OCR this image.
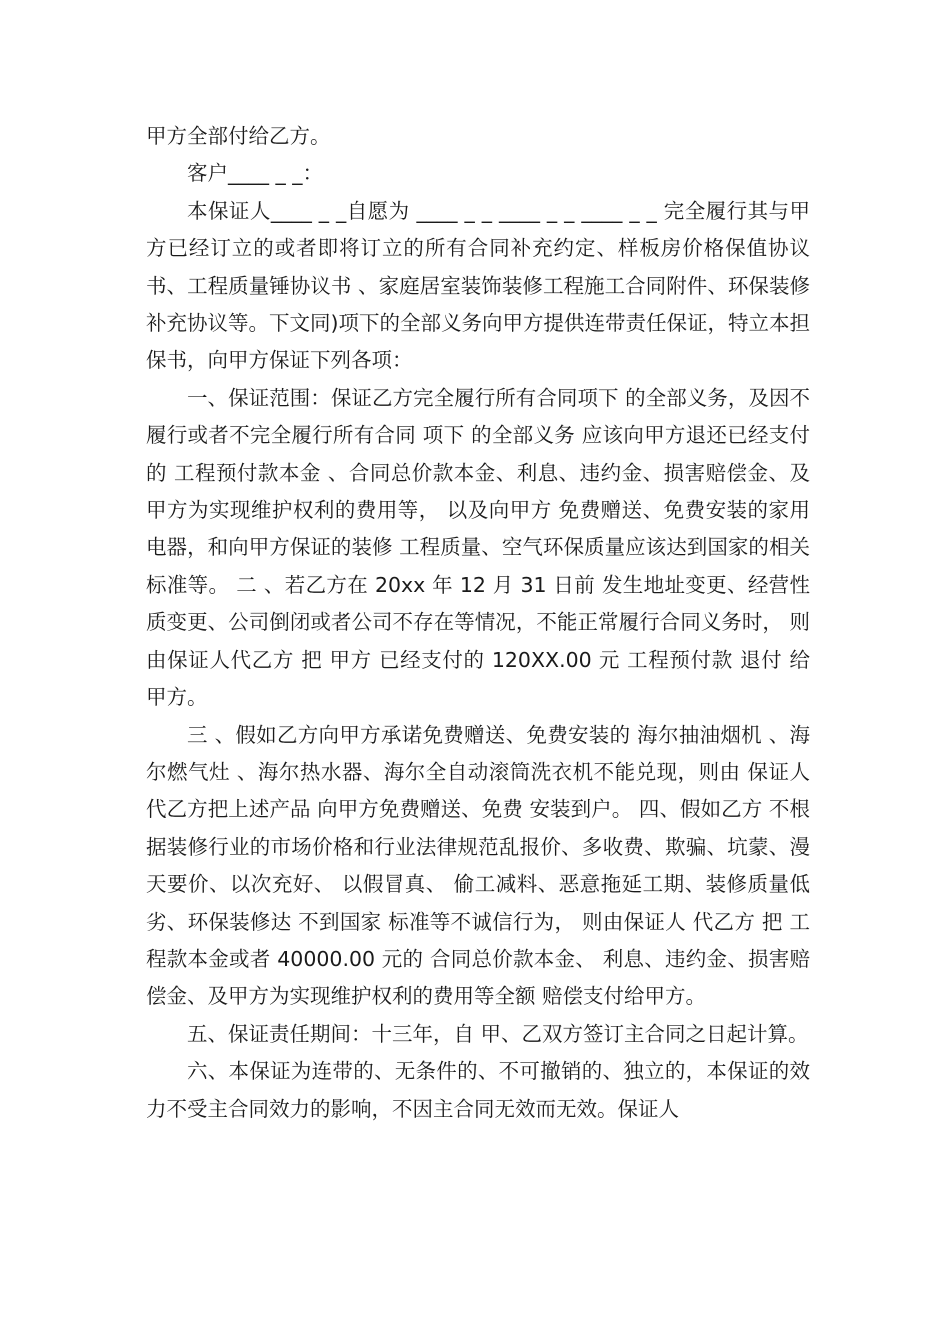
甲方全部付给乙方。

客户____ _ _：

本保证人____ _ _自愿为 ____ _ _ ____ _ _ ____ _ _ 完全履行其与甲方已经订立的或者即将订立的所有合同补充约定、样板房价格保值协议书、工程质量锤协议书 、家庭居室装饰装修工程施工合同附件、环保装修补充协议等。下文同)项下的全部义务向甲方提供连带责任保证，特立本担保书，向甲方保证下列各项：

一、保证范围：保证乙方完全履行所有合同项下 的全部义务，及因不履行或者不完全履行所有合同 项下 的全部义务 应该向甲方退还已经支付 的 工程预付款本金 、合同总价款本金、利息、违约金、损害赔偿金、及甲方为实现维护权利的费用等， 以及向甲方 免费赠送、免费安装的家用电器，和向甲方保证的装修 工程质量、空气环保质量应该达到国家的相关标准等。 二 、若乙方在 20xx 年 12 月 31 日前 发生地址变更、经营性质变更、公司倒闭或者公司不存在等情况，不能正常履行合同义务时， 则由保证人代乙方 把 甲方 已经支付的 120XX.00 元 工程预付款 退付 给 甲方。

三 、假如乙方向甲方承诺免费赠送、免费安装的 海尔抽油烟机 、海尔燃气灶 、海尔热水器、海尔全自动滚筒洗衣机不能兑现，则由 保证人代乙方把上述产品 向甲方免费赠送、免费 安装到户。 四、假如乙方 不根据装修行业的市场价格和行业法律规范乱报价、多收费、欺骗、坑蒙、漫天要价、以次充好、 以假冒真、 偷工减料、恶意拖延工期、装修质量低劣、环保装修达 不到国家 标准等不诚信行为， 则由保证人 代乙方 把 工程款本金或者 40000.00 元的 合同总价款本金、 利息、违约金、损害赔偿金、及甲方为实现维护权利的费用等全额 赔偿支付给甲方。

五、保证责任期间：十三年，自 甲、乙双方签订主合同之日起计算。

六、本保证为连带的、无条件的、不可撤销的、独立的，本保证的效力不受主合同效力的影响，不因主合同无效而无效。保证人
